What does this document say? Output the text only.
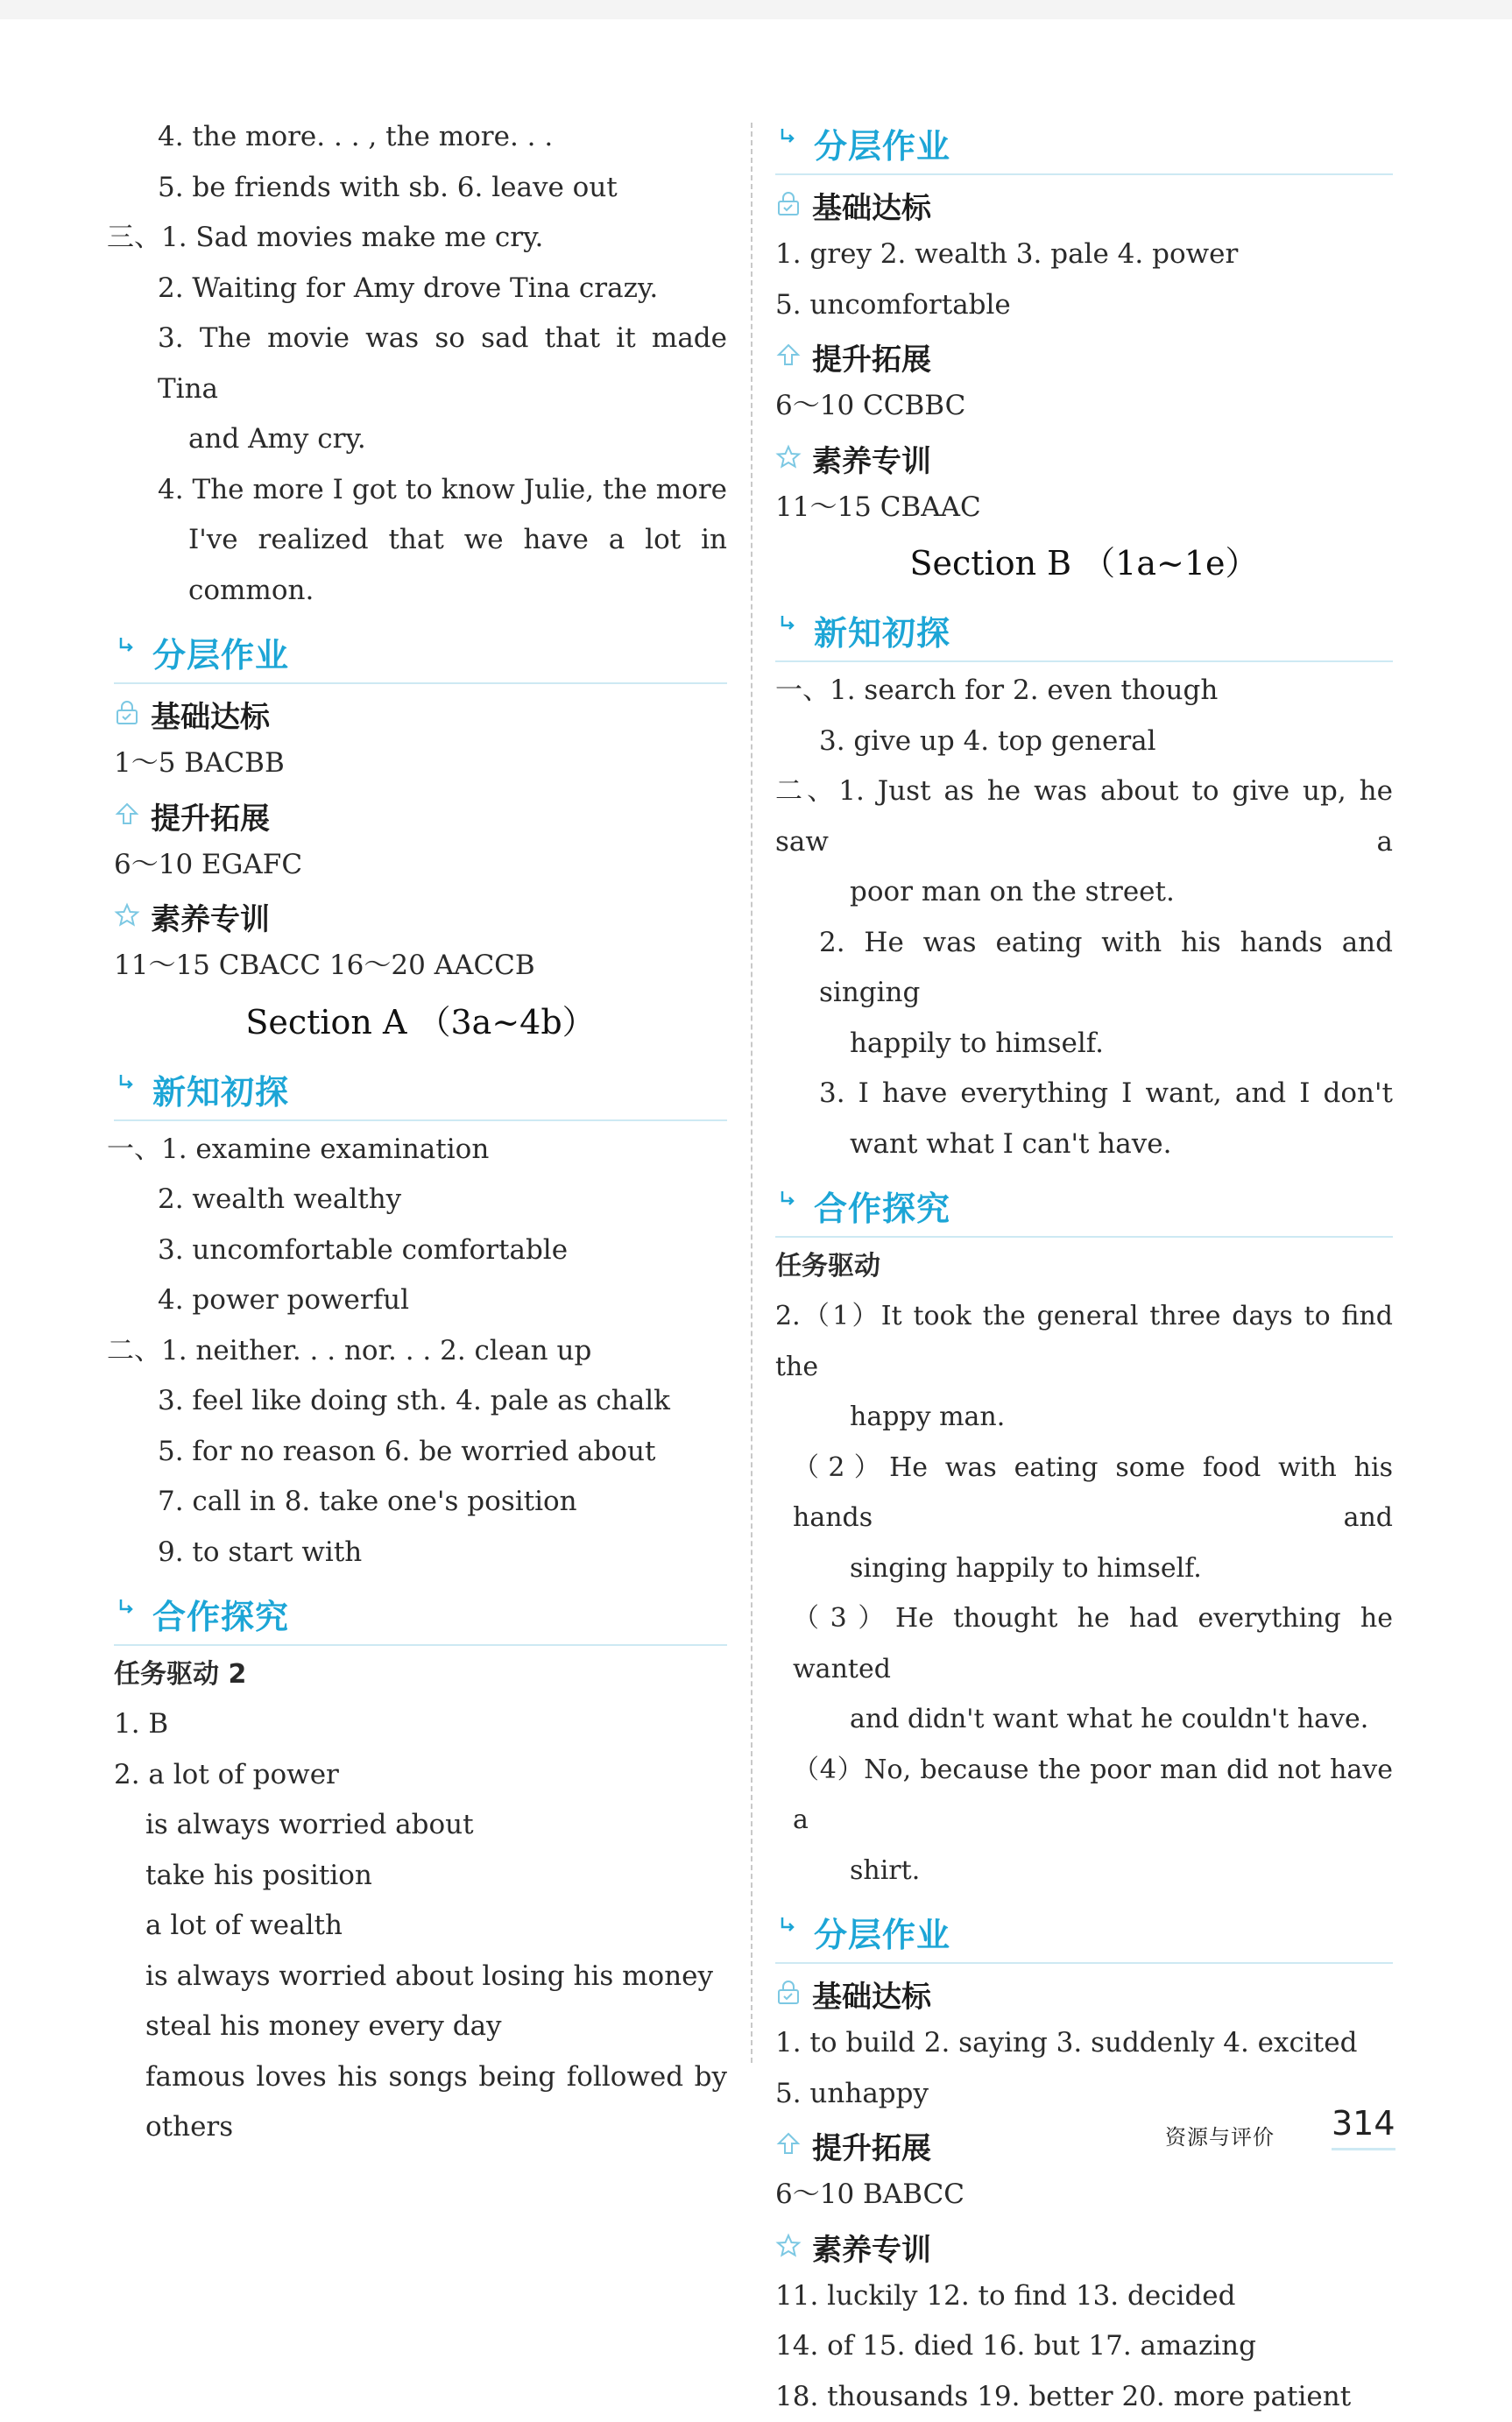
4. the more. . . , the more. . .
5. be friends with sb. 6. leave out
三、1. Sad movies make me cry.
2. Waiting for Amy drove Tina crazy.
3. The movie was so sad that it made Tina
and Amy cry.
4. The more I got to know Julie, the more
I've realized that we have a lot in
common.
分层作业
基础达标
1～5 BACBB
提升拓展
6～10 EGAFC
素养专训
11～15 CBACC 16～20 AACCB
Section A （3a~4b）
新知初探
一、1. examine examination
2. wealth wealthy
3. uncomfortable comfortable
4. power powerful
二、1. neither. . . nor. . . 2. clean up
3. feel like doing sth. 4. pale as chalk
5. for no reason 6. be worried about
7. call in 8. take one's position
9. to start with
合作探究
任务驱动 2
1. B
2. a lot of power
is always worried about
take his position
a lot of wealth
is always worried about losing his money
steal his money every day
famous loves his songs being followed by
others
分层作业
基础达标
1. grey 2. wealth 3. pale 4. power
5. uncomfortable
提升拓展
6～10 CCBBC
素养专训
11～15 CBAAC
Section B （1a~1e）
新知初探
一、1. search for 2. even though
3. give up 4. top general
二、1. Just as he was about to give up, he saw a
poor man on the street.
2. He was eating with his hands and singing
happily to himself.
3. I have everything I want, and I don't
want what I can't have.
合作探究
任务驱动
2.（1）It took the general three days to find the
happy man.
（2）He was eating some food with his hands and
singing happily to himself.
（3）He thought he had everything he wanted
and didn't want what he couldn't have.
（4）No, because the poor man did not have a
shirt.
分层作业
基础达标
1. to build 2. saying 3. suddenly 4. excited
5. unhappy
提升拓展
6～10 BABCC
素养专训
11. luckily 12. to find 13. decided
14. of 15. died 16. but 17. amazing
18. thousands 19. better 20. more patient
资源与评价 314
